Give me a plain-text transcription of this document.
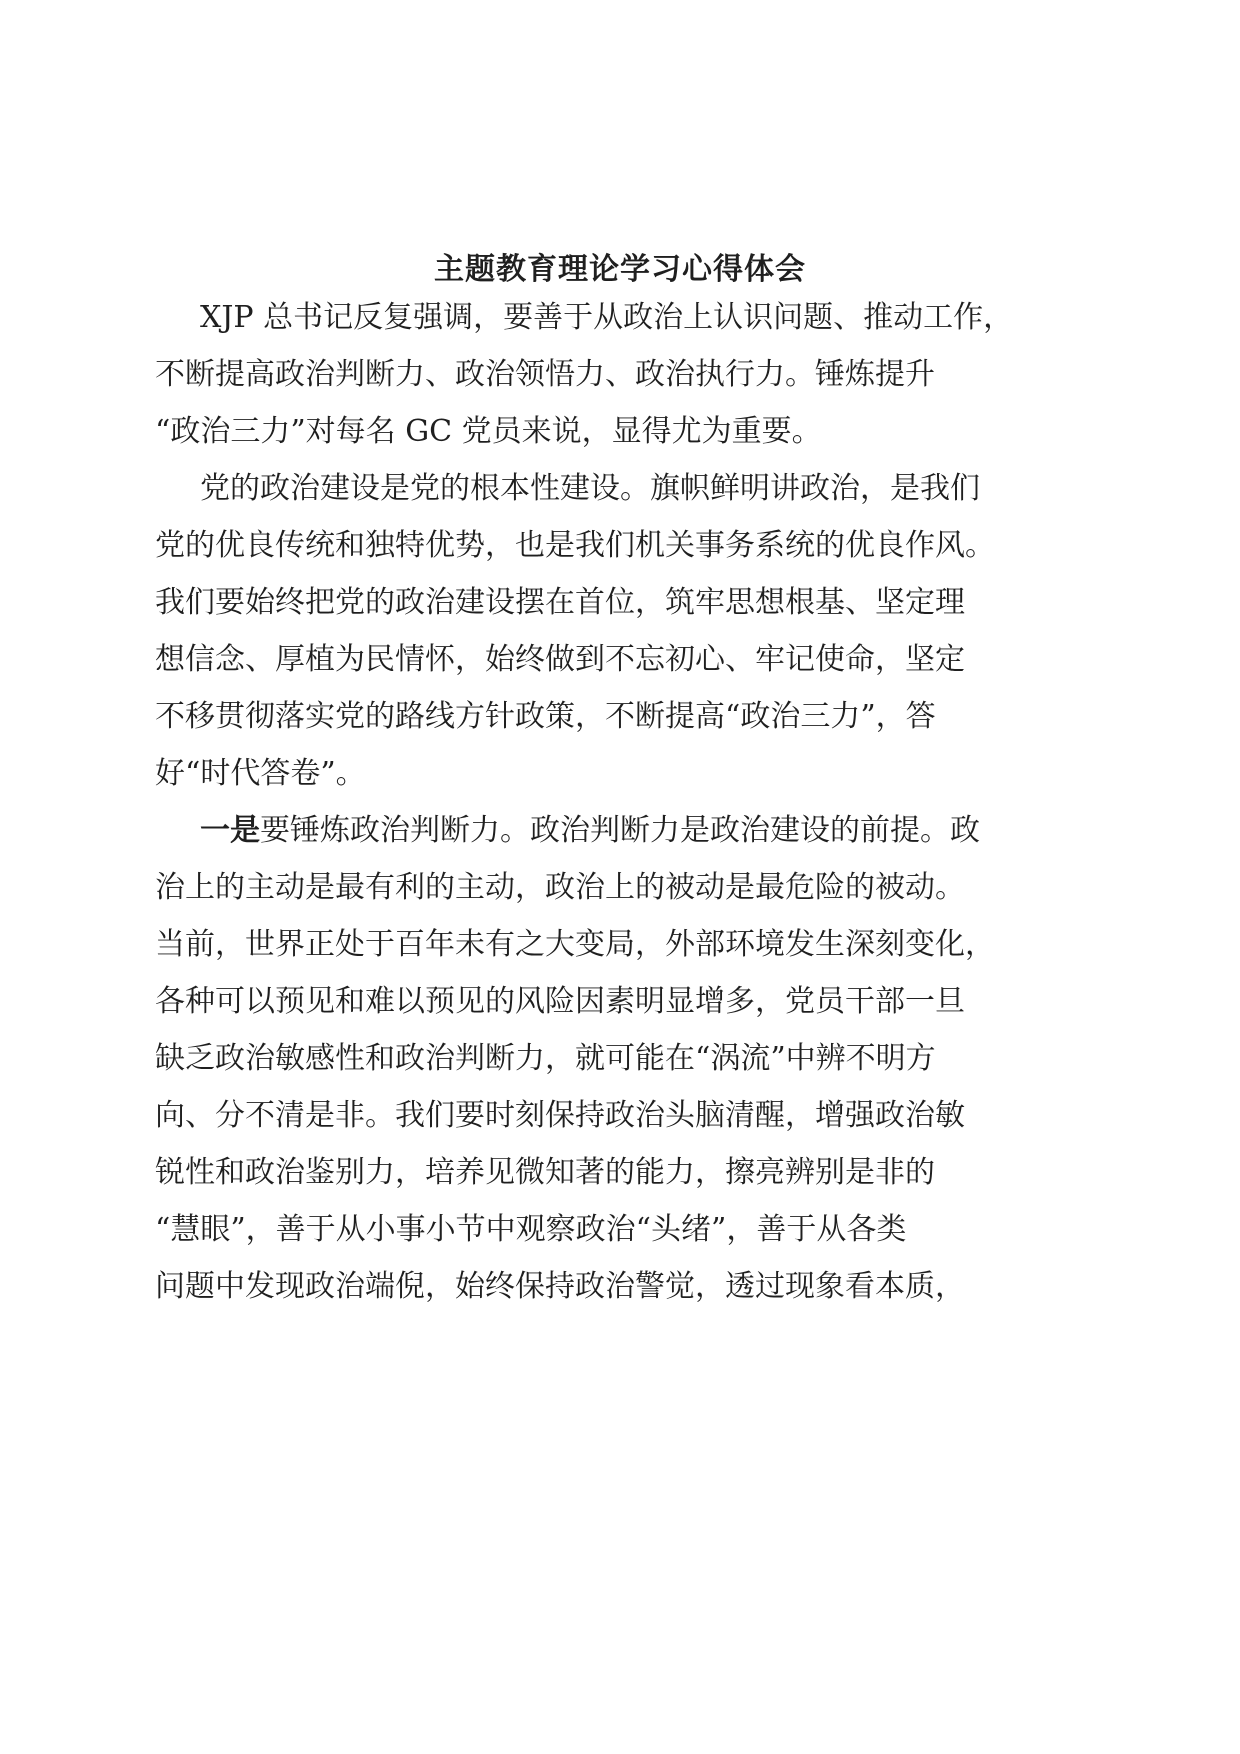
主题教育理论学习心得体会

XJP 总书记反复强调，要善于从政治上认识问题、推动工作，

不断提高政治判断力、政治领悟力、政治执行力。锤炼提升

“政治三力”对每名 GC 党员来说，显得尤为重要。

党的政治建设是党的根本性建设。旗帜鲜明讲政治，是我们

党的优良传统和独特优势，也是我们机关事务系统的优良作风。

我们要始终把党的政治建设摆在首位，筑牢思想根基、坚定理

想信念、厚植为民情怀，始终做到不忘初心、牢记使命，坚定

不移贯彻落实党的路线方针政策，不断提高“政治三力”，答

好“时代答卷”。

一是要锤炼政治判断力。政治判断力是政治建设的前提。政

治上的主动是最有利的主动，政治上的被动是最危险的被动。

当前，世界正处于百年未有之大变局，外部环境发生深刻变化，

各种可以预见和难以预见的风险因素明显增多，党员干部一旦

缺乏政治敏感性和政治判断力，就可能在“涡流”中辨不明方

向、分不清是非。我们要时刻保持政治头脑清醒，增强政治敏

锐性和政治鉴别力，培养见微知著的能力，擦亮辨别是非的

“慧眼”，善于从小事小节中观察政治“头绪”，善于从各类

问题中发现政治端倪，始终保持政治警觉，透过现象看本质，
